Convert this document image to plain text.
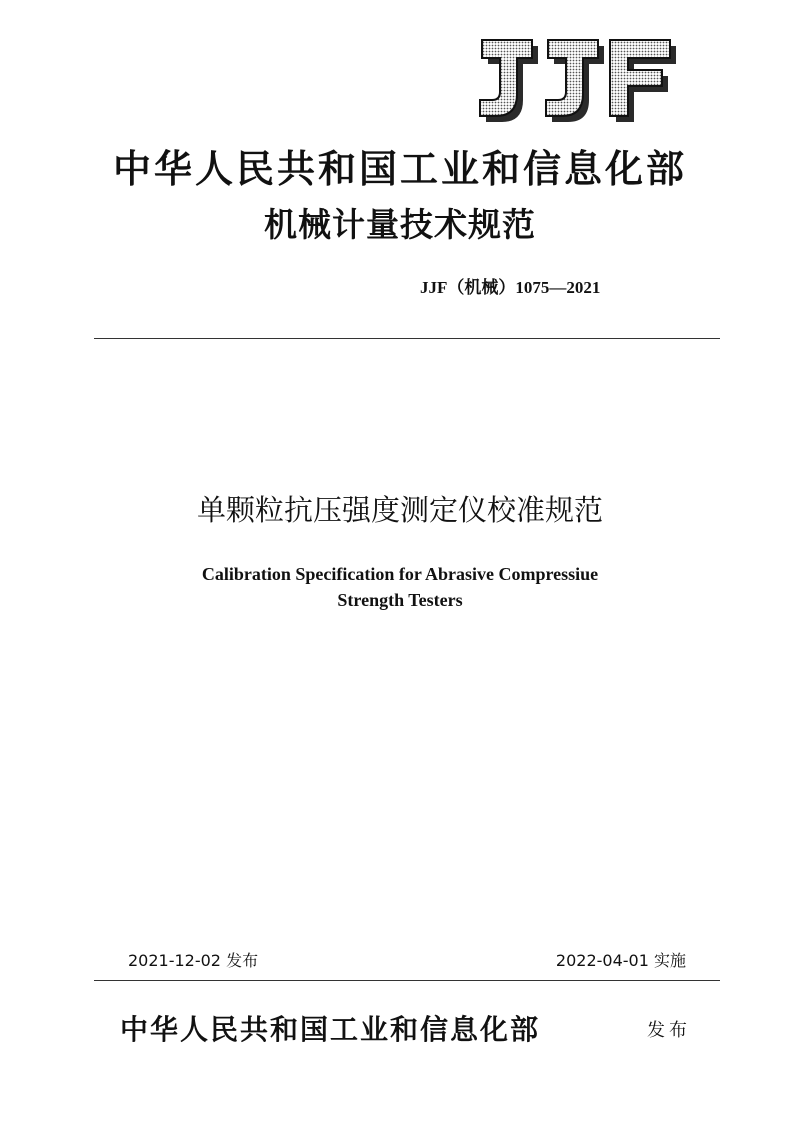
中华人民共和国工业和信息化部
机械计量技术规范
JJF（机械）1075—2021
单颗粒抗压强度测定仪校准规范
Calibration Specification for Abrasive Compressiue
Strength Testers
2021-12-02 发布	2022-04-01 实施
中华人民共和国工业和信息化部	发布
